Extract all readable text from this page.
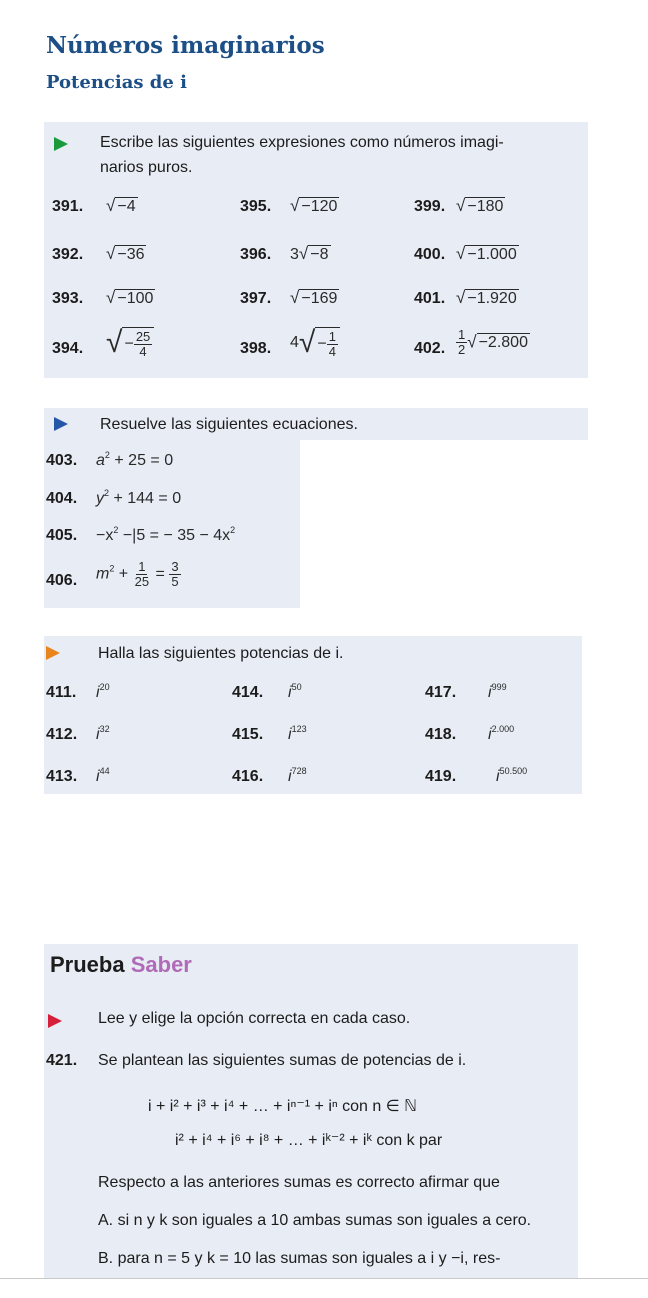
Números imaginarios
Potencias de i
Escribe las siguientes expresiones como números imagi-
narios puros.
391. √ −4
392. √ −36
393. √ −100
394. √ − $\frac{25}{4}$
395. √ −120
396. 3√ −8
397. √ −169
398. $4√ - \frac{1}{4}$
399. √ −180
400. √ −1.000
401. √ −1.920
402. $\frac{1}{2}$ √ −2.800
Resuelve las siguientes ecuaciones.
403. $a^2 + 25 = 0$
404. $y^2 + 144 = 0$
405. $-x^2 -|5$ = − $35 - 4x^2$
406. $m^2 + \frac{1}{25} = \frac{3}{5}$
Halla las siguientes potencias de i.
411. $i^{20}$
412. $i^{32}$
413. $i^{44}$
414. $i^{50}$
415. $i^{123}$
416. $i^{728}$
417. $i^{999}$
418. $i^{2.000}$
419. $i^{50.500}$
Prueba Saber
Lee y elige la opción correcta en cada caso.
421. Se plantean las siguientes sumas de potencias de i.
i + i² + i³ + i⁴ + … + iⁿ⁻¹ + iⁿ con n ∈ ℕ
i² + i⁴ + i⁶ + i⁸ + … + iᵏ⁻² + iᵏ con k par
Respecto a las anteriores sumas es correcto afirmar que
A. si n y k son iguales a 10 ambas sumas son iguales a cero.
B. para n = 5 y k = 10 las sumas son iguales a i y −i, res-
